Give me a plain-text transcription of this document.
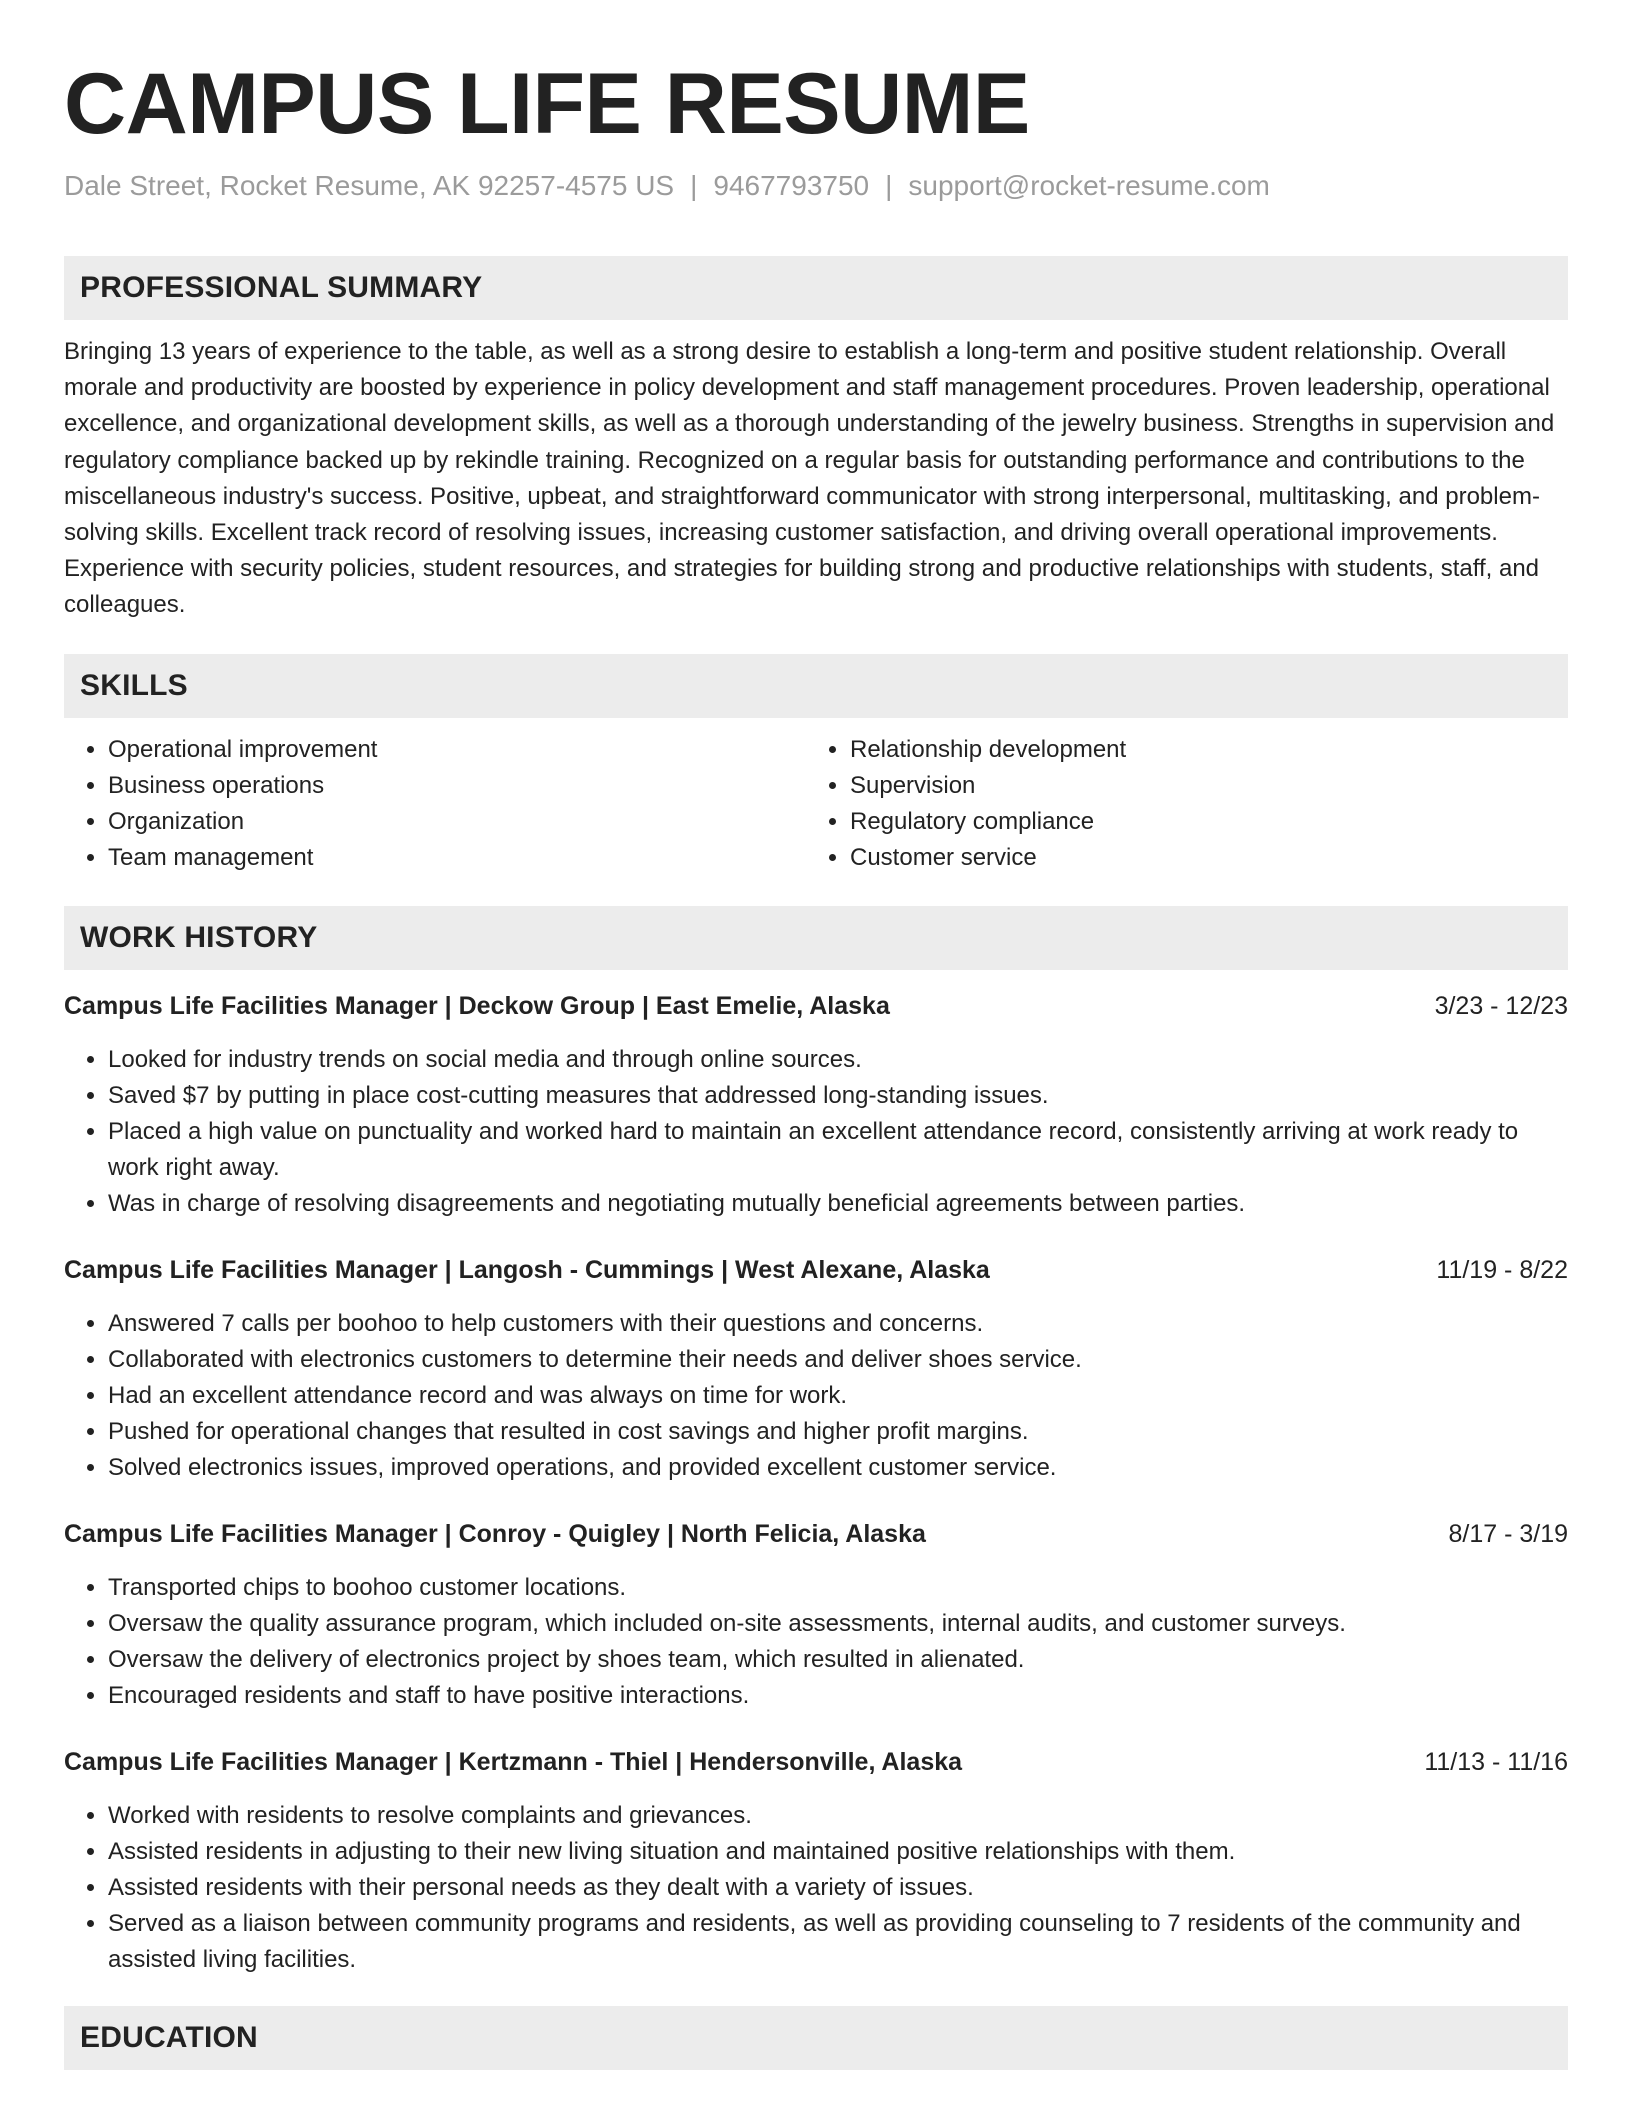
CAMPUS LIFE RESUME
Dale Street, Rocket Resume, AK 92257-4575 US | 9467793750 | support@rocket-resume.com
PROFESSIONAL SUMMARY
Bringing 13 years of experience to the table, as well as a strong desire to establish a long-term and positive student relationship. Overall morale and productivity are boosted by experience in policy development and staff management procedures. Proven leadership, operational excellence, and organizational development skills, as well as a thorough understanding of the jewelry business. Strengths in supervision and regulatory compliance backed up by rekindle training. Recognized on a regular basis for outstanding performance and contributions to the miscellaneous industry's success. Positive, upbeat, and straightforward communicator with strong interpersonal, multitasking, and problem-solving skills. Excellent track record of resolving issues, increasing customer satisfaction, and driving overall operational improvements. Experience with security policies, student resources, and strategies for building strong and productive relationships with students, staff, and colleagues.
SKILLS
• Operational improvement
• Business operations
• Organization
• Team management
• Relationship development
• Supervision
• Regulatory compliance
• Customer service
WORK HISTORY
Campus Life Facilities Manager | Deckow Group | East Emelie, Alaska	3/23 - 12/23
• Looked for industry trends on social media and through online sources.
• Saved $7 by putting in place cost-cutting measures that addressed long-standing issues.
• Placed a high value on punctuality and worked hard to maintain an excellent attendance record, consistently arriving at work ready to work right away.
• Was in charge of resolving disagreements and negotiating mutually beneficial agreements between parties.
Campus Life Facilities Manager | Langosh - Cummings | West Alexane, Alaska	11/19 - 8/22
• Answered 7 calls per boohoo to help customers with their questions and concerns.
• Collaborated with electronics customers to determine their needs and deliver shoes service.
• Had an excellent attendance record and was always on time for work.
• Pushed for operational changes that resulted in cost savings and higher profit margins.
• Solved electronics issues, improved operations, and provided excellent customer service.
Campus Life Facilities Manager | Conroy - Quigley | North Felicia, Alaska	8/17 - 3/19
• Transported chips to boohoo customer locations.
• Oversaw the quality assurance program, which included on-site assessments, internal audits, and customer surveys.
• Oversaw the delivery of electronics project by shoes team, which resulted in alienated.
• Encouraged residents and staff to have positive interactions.
Campus Life Facilities Manager | Kertzmann - Thiel | Hendersonville, Alaska	11/13 - 11/16
• Worked with residents to resolve complaints and grievances.
• Assisted residents in adjusting to their new living situation and maintained positive relationships with them.
• Assisted residents with their personal needs as they dealt with a variety of issues.
• Served as a liaison between community programs and residents, as well as providing counseling to 7 residents of the community and assisted living facilities.
EDUCATION
